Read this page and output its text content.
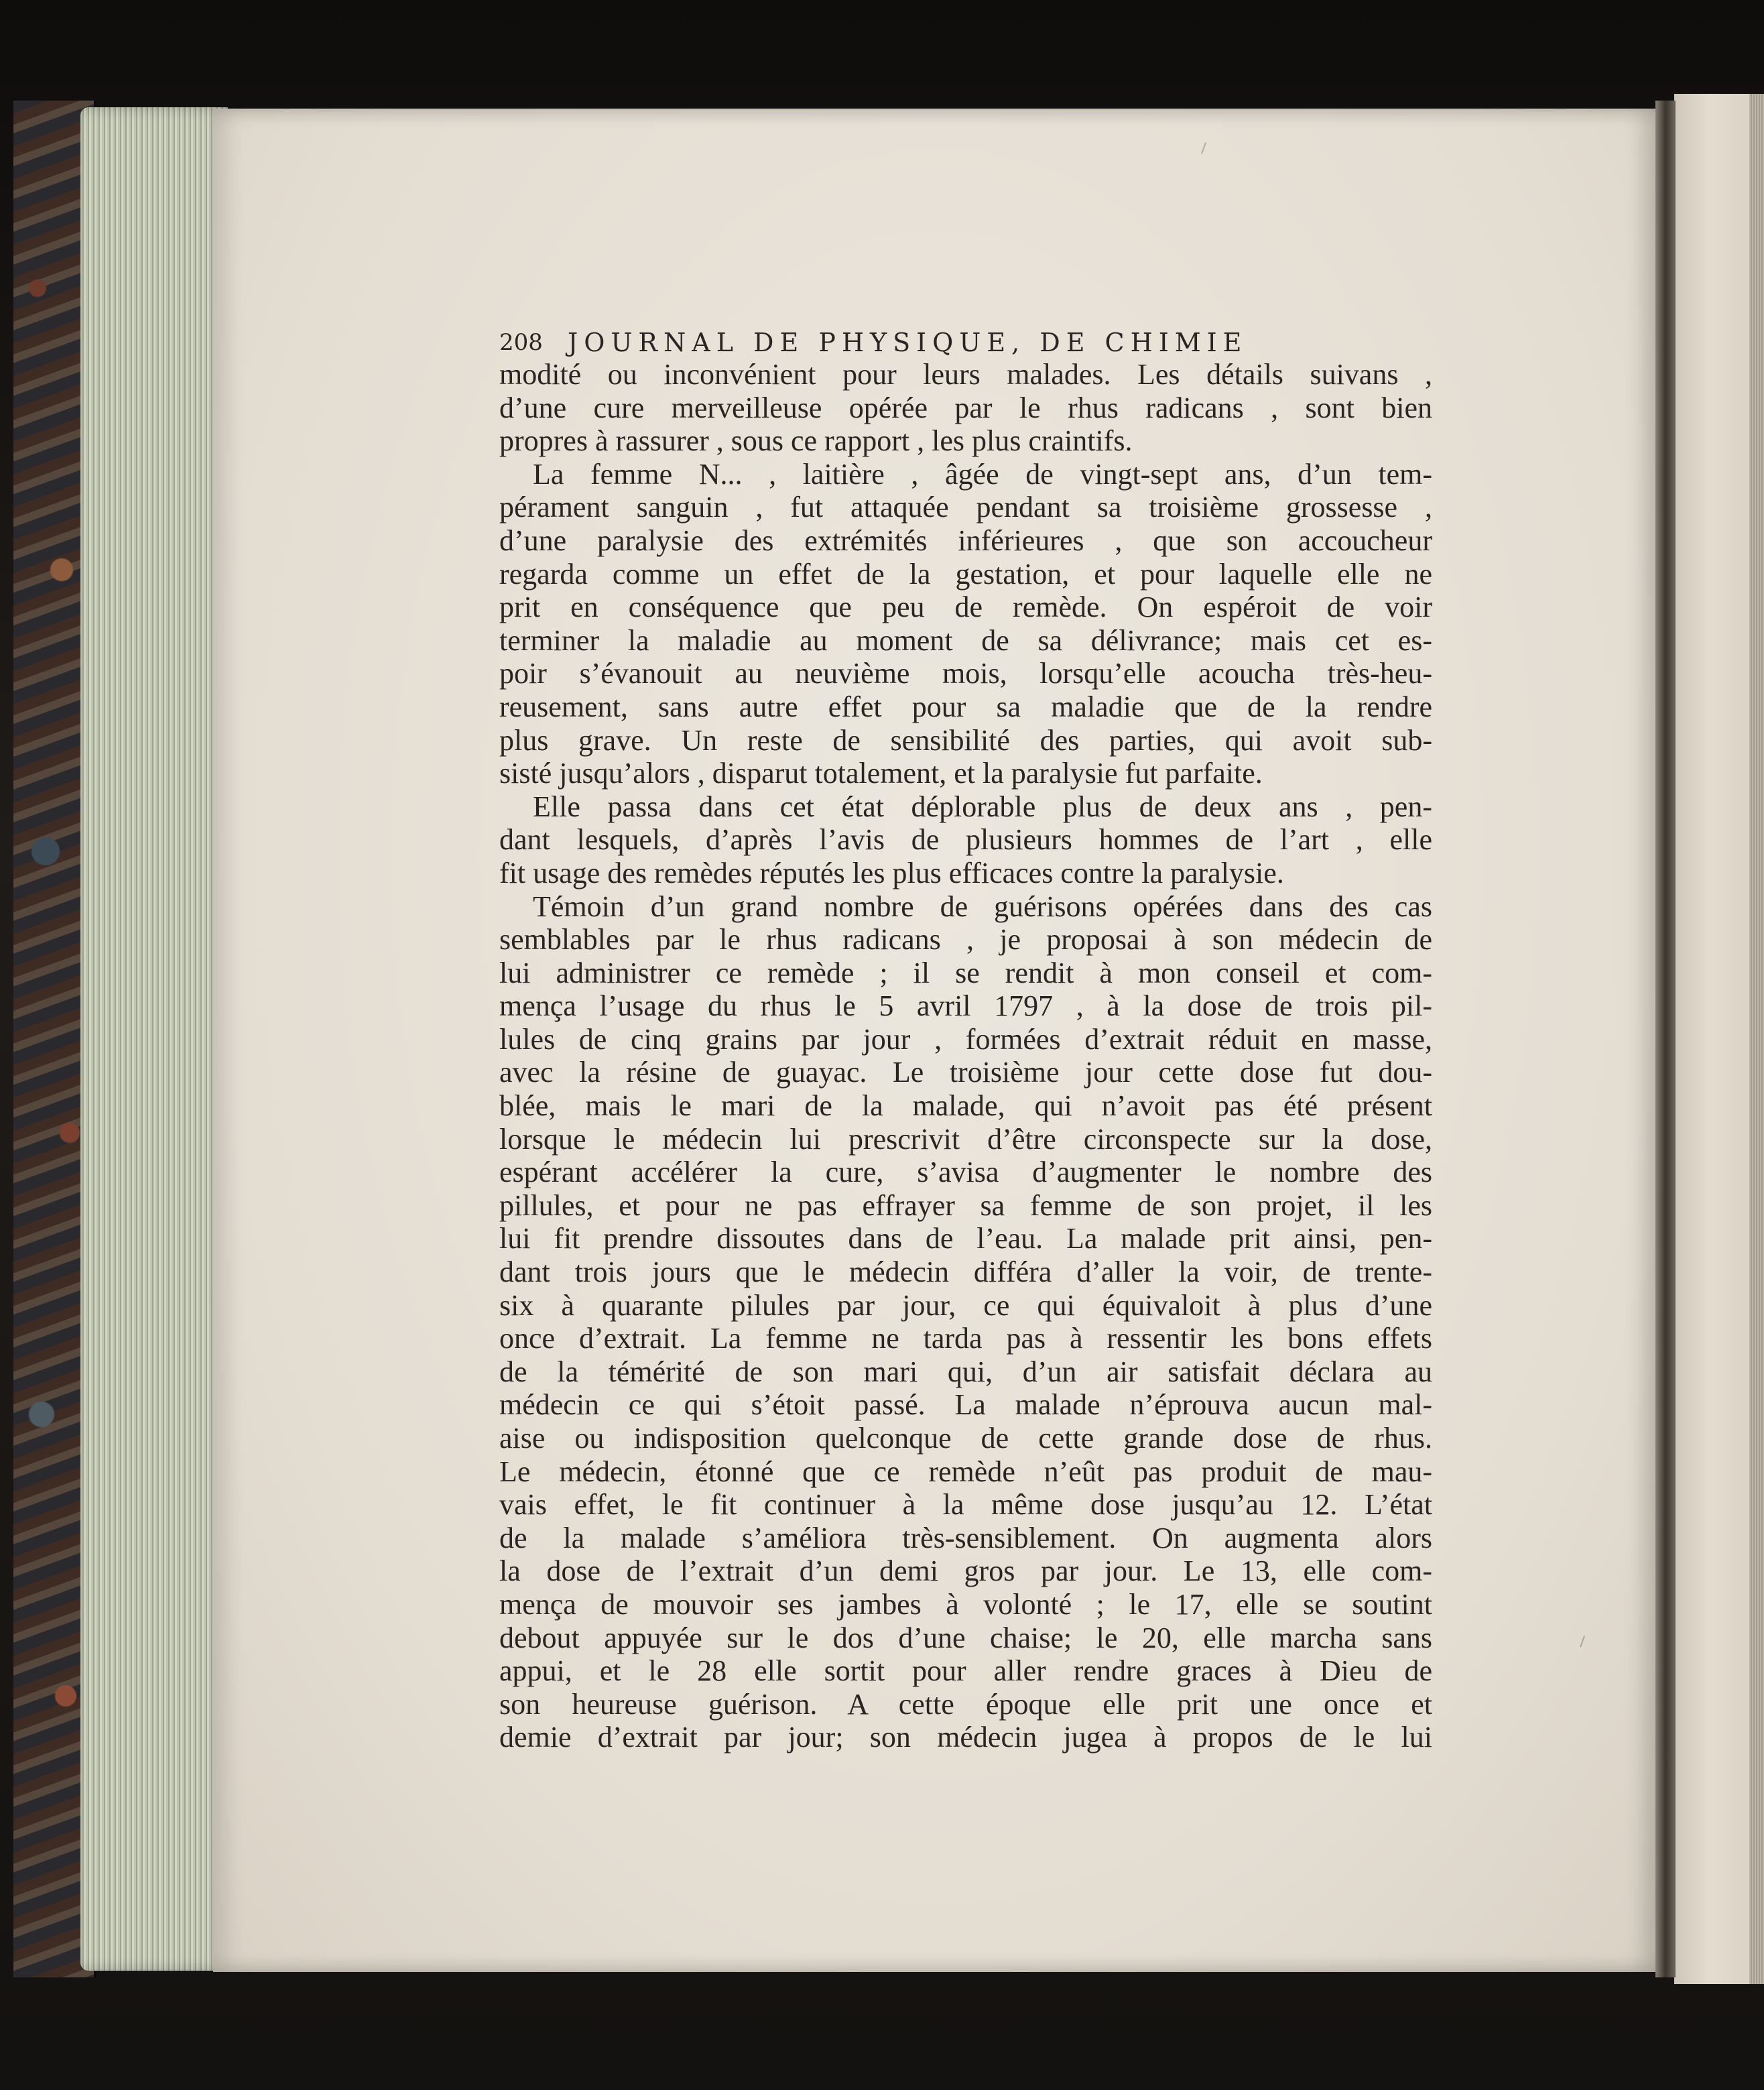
208 JOURNAL DE PHYSIQUE, DE CHIMIE
modité ou inconvénient pour leurs malades. Les détails suivans ,
d’une cure merveilleuse opérée par le rhus radicans , sont bien
propres à rassurer , sous ce rapport , les plus craintifs.
La femme N... , laitière , âgée de vingt-sept ans, d’un tem-
pérament sanguin , fut attaquée pendant sa troisième grossesse ,
d’une paralysie des extrémités inférieures , que son accoucheur
regarda comme un effet de la gestation, et pour laquelle elle ne
prit en conséquence que peu de remède. On espéroit de voir
terminer la maladie au moment de sa délivrance; mais cet es-
poir s’évanouit au neuvième mois, lorsqu’elle acoucha très-heu-
reusement, sans autre effet pour sa maladie que de la rendre
plus grave. Un reste de sensibilité des parties, qui avoit sub-
sisté jusqu’alors , disparut totalement, et la paralysie fut parfaite.
Elle passa dans cet état déplorable plus de deux ans , pen-
dant lesquels, d’après l’avis de plusieurs hommes de l’art , elle
fit usage des remèdes réputés les plus efficaces contre la paralysie.
Témoin d’un grand nombre de guérisons opérées dans des cas
semblables par le rhus radicans , je proposai à son médecin de
lui administrer ce remède ; il se rendit à mon conseil et com-
mença l’usage du rhus le 5 avril 1797 , à la dose de trois pil-
lules de cinq grains par jour , formées d’extrait réduit en masse,
avec la résine de guayac. Le troisième jour cette dose fut dou-
blée, mais le mari de la malade, qui n’avoit pas été présent
lorsque le médecin lui prescrivit d’être circonspecte sur la dose,
espérant accélérer la cure, s’avisa d’augmenter le nombre des
pillules, et pour ne pas effrayer sa femme de son projet, il les
lui fit prendre dissoutes dans de l’eau. La malade prit ainsi, pen-
dant trois jours que le médecin différa d’aller la voir, de trente-
six à quarante pilules par jour, ce qui équivaloit à plus d’une
once d’extrait. La femme ne tarda pas à ressentir les bons effets
de la témérité de son mari qui, d’un air satisfait déclara au
médecin ce qui s’étoit passé. La malade n’éprouva aucun mal-
aise ou indisposition quelconque de cette grande dose de rhus.
Le médecin, étonné que ce remède n’eût pas produit de mau-
vais effet, le fit continuer à la même dose jusqu’au 12. L’état
de la malade s’améliora très-sensiblement. On augmenta alors
la dose de l’extrait d’un demi gros par jour. Le 13, elle com-
mença de mouvoir ses jambes à volonté ; le 17, elle se soutint
debout appuyée sur le dos d’une chaise; le 20, elle marcha sans
appui, et le 28 elle sortit pour aller rendre graces à Dieu de
son heureuse guérison. A cette époque elle prit une once et
demie d’extrait par jour; son médecin jugea à propos de le lui
